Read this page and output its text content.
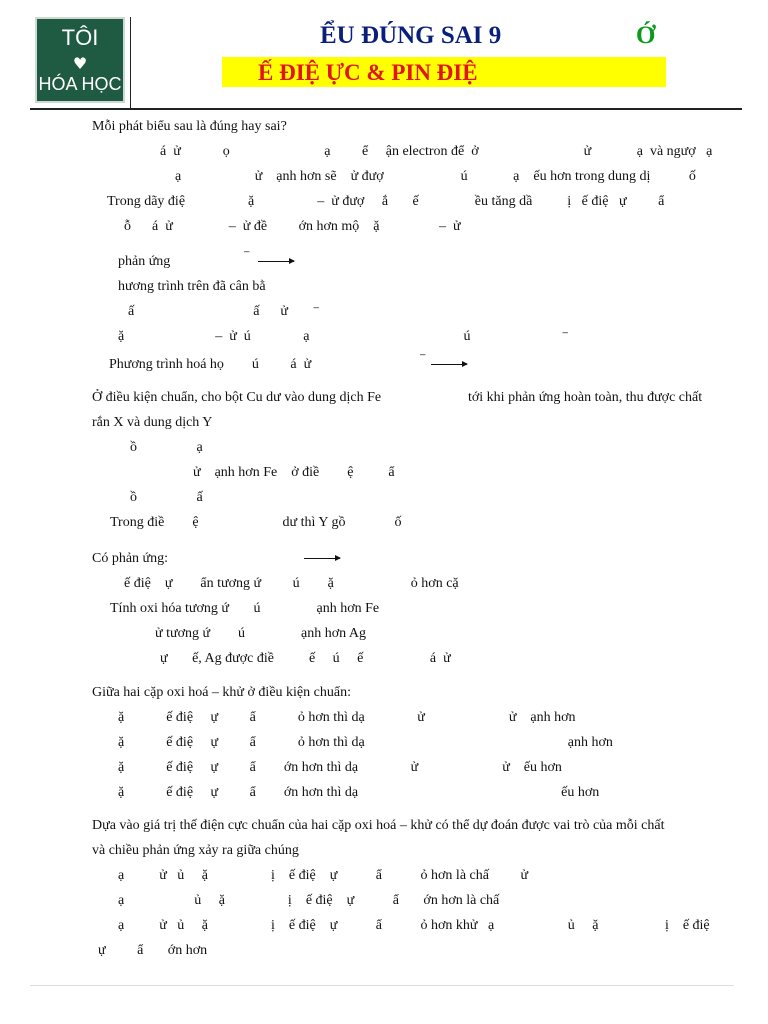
TÔI
♥
HÓA HỌC
ỂU ĐÚNG SAI 9	Ớ
Ế ĐIỆ ỰC & PIN ĐIỆ
Mỗi phát biểu sau là đúng hay sai?
á  ử            ọ                           ạ         ể     ận electron để  ở                              ử             ạ  và ngượ   ạ
ạ                     ử    ạnh hơn sẽ    ử đượ                      ú             ạ    ếu hơn trong dung dị           ố
Trong dãy điệ                  ặ                  –  ử đượ     ắ       ế                ều tăng dầ          ị   ế điệ   ự         ẩ
ỗ      á  ử                –  ử đề         ớn hơn mộ    ặ                 –  ử
phản ứng	⁻ →
hương trình trên đã cân bằ
ấ                                  ấ      ử       ⁻
ặ                          –  ử  ú               ạ                                            ú                          ⁻
Phương trình hoá họ        ú         á  ử	⁻ →
Ở điều kiện chuẩn, cho bột Cu dư vào dung dịch Fe	tới khi phản ứng hoàn toàn, thu được chất
rắn X và dung dịch Y
ồ                 ạ
ử    ạnh hơn Fe    ở điề        ệ          ẩ
ồ                 ấ
Trong điề        ệ                        dư thì Y gồ              ố
Có phản ứng:
ế điệ    ự        ẩn tương ứ         ú        ặ                      ỏ hơn cặ
Tính oxi hóa tương ứ       ú                ạnh hơn Fe
ử tương ứ        ú                ạnh hơn Ag
ự       ế, Ag được điề          ế     ú     ế                   á  ử
Giữa hai cặp oxi hoá – khử ở điều kiện chuẩn:
ặ            ế điệ     ự         ẩ            ỏ hơn thì dạ               ử                        ử    ạnh hơn
ặ            ế điệ     ự         ẩ            ỏ hơn thì dạ                                                          ạnh hơn
ặ            ế điệ     ự         ẩ        ớn hơn thì dạ               ử                        ử    ếu hơn
ặ            ế điệ     ự         ẩ        ớn hơn thì dạ                                                          ếu hơn
Dựa vào giá trị thế điện cực chuẩn của hai cặp oxi hoá – khử có thể dự đoán được vai trò của mỗi chất
và chiều phản ứng xảy ra giữa chúng
ạ          ử   ủ     ặ                  ị    ế điệ    ự           ẩ           ỏ hơn là chấ         ử
ạ                    ủ     ặ                  ị    ế điệ    ự           ẩ       ớn hơn là chấ
ạ          ử   ủ     ặ                  ị    ế điệ    ự           ẩ           ỏ hơn khử   ạ                     ủ     ặ                   ị    ế điệ
ự         ẩ       ớn hơn
